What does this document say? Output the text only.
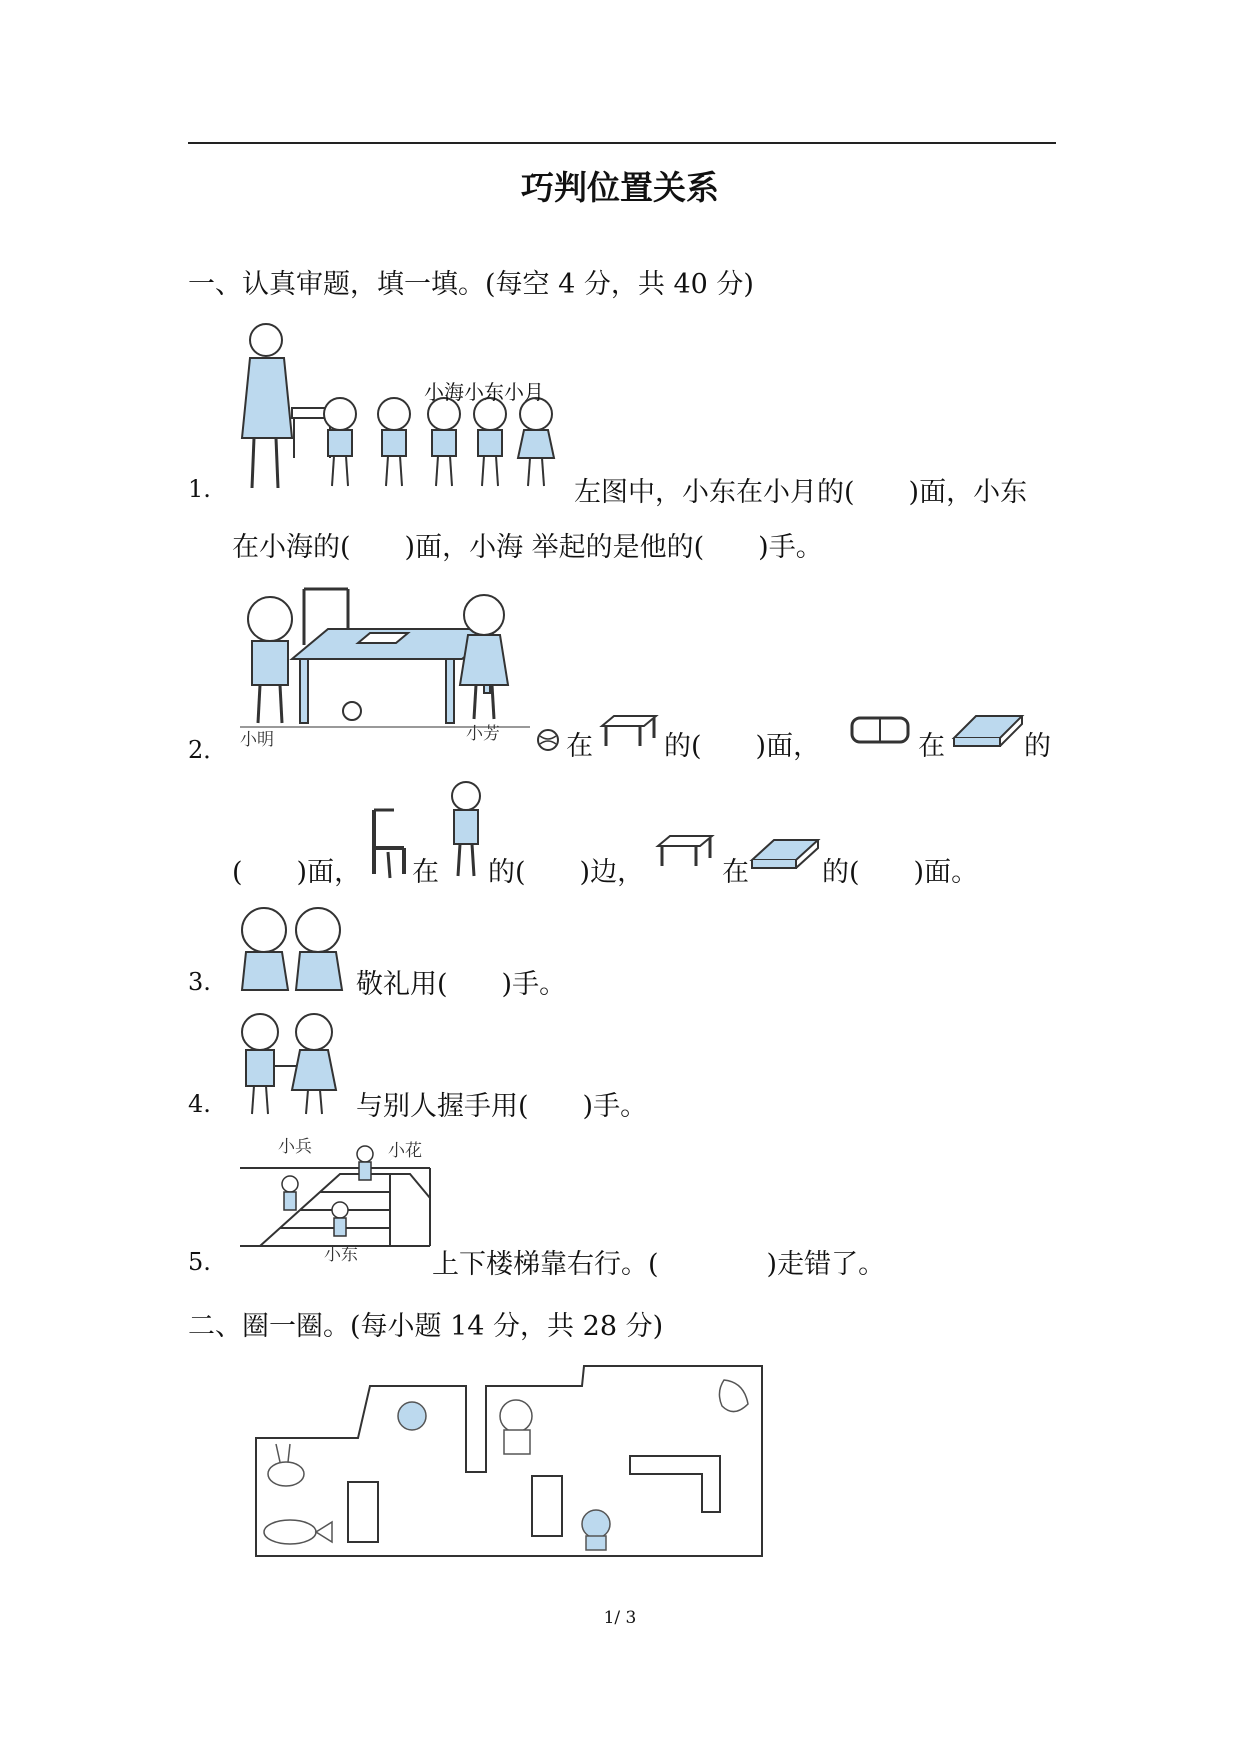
巧判位置关系
一、认真审题，填一填。(每空 4 分，共 40 分)
小海小东小月
1.	左图中，小东在小月的(　　)面，小东
在小海的(　　)面，小海 举起的是他的(　　)手。
小明	小芳
2．	在	的(　　)面，	在	的
(　　)面， 在 的(　　)边，	在	的(　　)面。
3.	敬礼用(　　)手。
4.	与别人握手用(　　)手。
小兵	小花
小东
5.	上下楼梯靠右行。(　　　　)走错了。
二、圈一圈。(每小题 14 分，共 28 分)
1/ 3
